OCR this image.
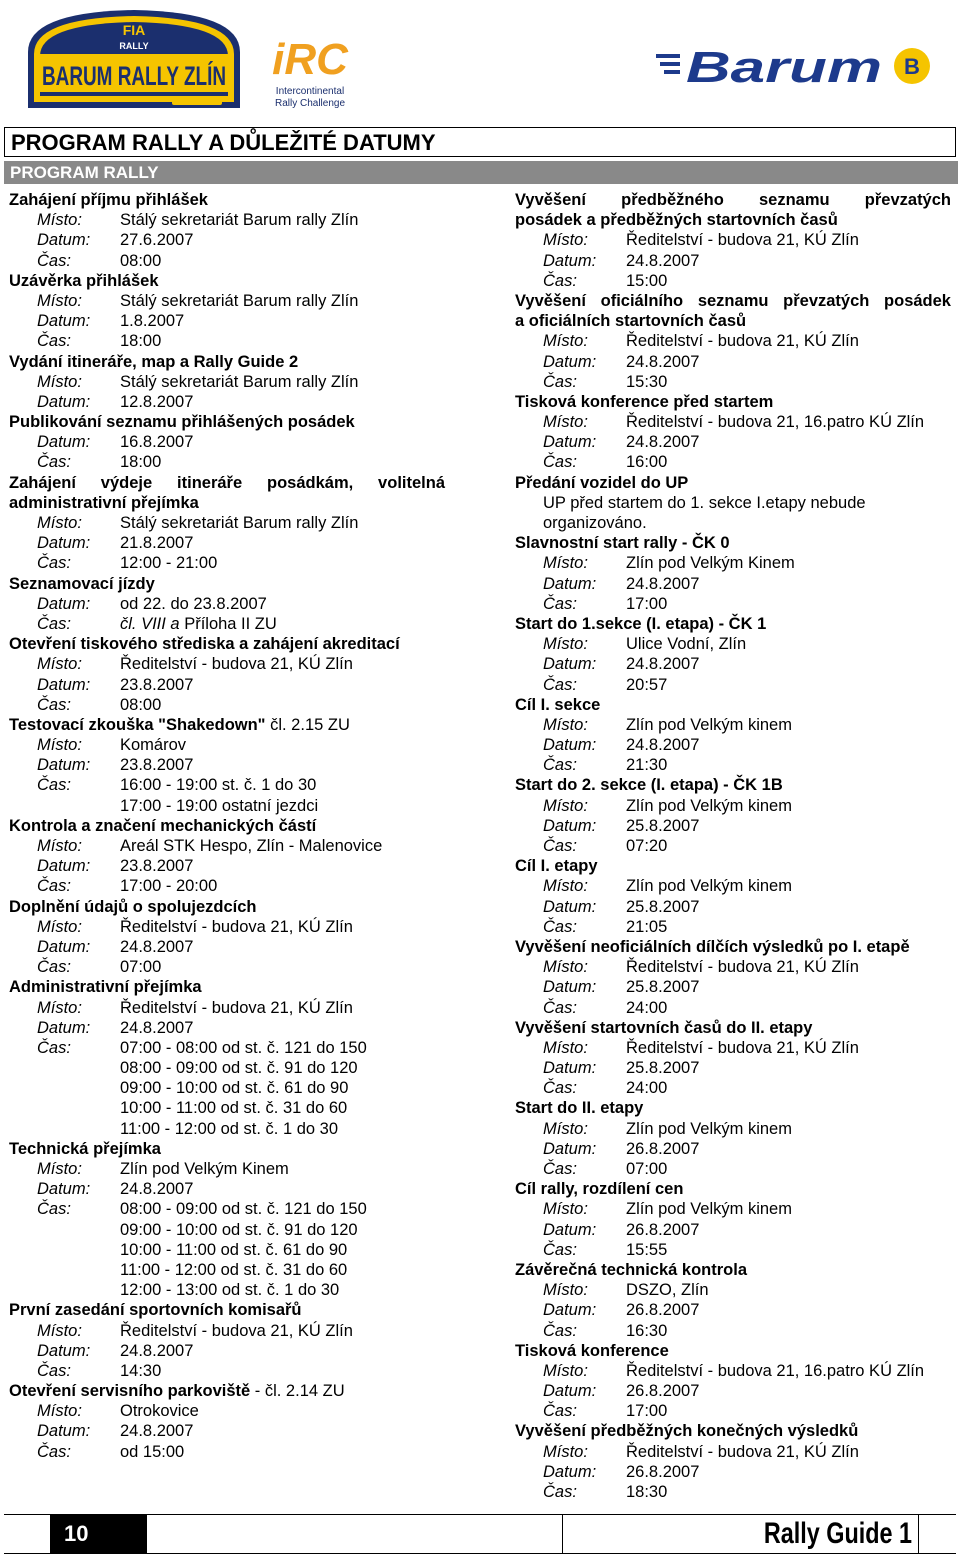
FIA
RALLY
BARUM RALLY ZLÍN
iRC
Intercontinental
Rally Challenge
Barum B
PROGRAM RALLY A DŮLEŽITÉ DATUMY
PROGRAM RALLY
Zahájení příjmu přihlášek
Místo: Stálý sekretariát Barum rally Zlín
Datum: 27.6.2007
Čas:	08:00
Uzávěrka přihlášek
Místo: Stálý sekretariát Barum rally Zlín
Datum: 1.8.2007
Čas:	18:00
Vydání itineráře, map a Rally Guide 2
Místo: Stálý sekretariát Barum rally Zlín
Datum: 12.8.2007
Publikování seznamu přihlášených posádek
Datum: 16.8.2007
Čas:	18:00
Zahájení výdeje itineráře posádkám, volitelná
administrativní přejímka
Místo: Stálý sekretariát Barum rally Zlín
Datum: 21.8.2007
Čas:	12:00 - 21:00
Seznamovací jízdy
Datum: od 22. do 23.8.2007
Čas:	čl. VIII a Příloha II ZU
Otevření tiskového střediska a zahájení akreditací
Místo: Ředitelství - budova 21, KÚ Zlín
Datum: 23.8.2007
Čas:	08:00
Testovací zkouška "Shakedown" čl. 2.15 ZU
Místo: Komárov
Datum: 23.8.2007
Čas:	16:00 - 19:00 st. č. 1 do 30
17:00 - 19:00 ostatní jezdci
Kontrola a značení mechanických částí
Místo: Areál STK Hespo, Zlín - Malenovice
Datum: 23.8.2007
Čas:	17:00 - 20:00
Doplnění údajů o spolujezdcích
Místo: Ředitelství - budova 21, KÚ Zlín
Datum: 24.8.2007
Čas:	07:00
Administrativní přejímka
Místo: Ředitelství - budova 21, KÚ Zlín
Datum: 24.8.2007
Čas:	07:00 - 08:00 od st. č. 121 do 150
08:00 - 09:00 od st. č. 91 do 120
09:00 - 10:00 od st. č. 61 do 90
10:00 - 11:00 od st. č. 31 do 60
11:00 - 12:00 od st. č. 1 do 30
Technická přejímka
Místo: Zlín pod Velkým Kinem
Datum: 24.8.2007
Čas:	08:00 - 09:00 od st. č. 121 do 150
09:00 - 10:00 od st. č. 91 do 120
10:00 - 11:00 od st. č. 61 do 90
11:00 - 12:00 od st. č. 31 do 60
12:00 - 13:00 od st. č. 1 do 30
První zasedání sportovních komisařů
Místo: Ředitelství - budova 21, KÚ Zlín
Datum: 24.8.2007
Čas:	14:30
Otevření servisního parkoviště - čl. 2.14 ZU
Místo: Otrokovice
Datum: 24.8.2007
Čas:	od 15:00
Vyvěšení předběžného seznamu převzatých
posádek a předběžných startovních časů
Místo: Ředitelství - budova 21, KÚ Zlín
Datum: 24.8.2007
Čas:	15:00
Vyvěšení oficiálního seznamu převzatých posádek
a oficiálních startovních časů
Místo: Ředitelství - budova 21, KÚ Zlín
Datum: 24.8.2007
Čas:	15:30
Tisková konference před startem
Místo: Ředitelství - budova 21, 16.patro KÚ Zlín
Datum: 24.8.2007
Čas:	16:00
Předání vozidel do UP
UP před startem do 1. sekce I.etapy nebude
organizováno.
Slavnostní start rally - ČK 0
Místo: Zlín pod Velkým Kinem
Datum: 24.8.2007
Čas:	17:00
Start do 1.sekce (I. etapa) - ČK 1
Místo: Ulice Vodní, Zlín
Datum: 24.8.2007
Čas:	20:57
Cíl I. sekce
Místo: Zlín pod Velkým kinem
Datum: 24.8.2007
Čas:	21:30
Start do 2. sekce (I. etapa) - ČK 1B
Místo: Zlín pod Velkým kinem
Datum: 25.8.2007
Čas:	07:20
Cíl I. etapy
Místo: Zlín pod Velkým kinem
Datum: 25.8.2007
Čas:	21:05
Vyvěšení neoficiálních dílčích výsledků po I. etapě
Místo: Ředitelství - budova 21, KÚ Zlín
Datum: 25.8.2007
Čas:	24:00
Vyvěšení startovních časů do II. etapy
Místo: Ředitelství - budova 21, KÚ Zlín
Datum: 25.8.2007
Čas:	24:00
Start do II. etapy
Místo: Zlín pod Velkým kinem
Datum: 26.8.2007
Čas:	07:00
Cíl rally, rozdílení cen
Místo: Zlín pod Velkým kinem
Datum: 26.8.2007
Čas:	15:55
Závěrečná technická kontrola
Místo: DSZO, Zlín
Datum: 26.8.2007
Čas:	16:30
Tisková konference
Místo: Ředitelství - budova 21, 16.patro KÚ Zlín
Datum: 26.8.2007
Čas:	17:00
Vyvěšení předběžných konečných výsledků
Místo: Ředitelství - budova 21, KÚ Zlín
Datum: 26.8.2007
Čas:	18:30
10	Rally Guide 1
